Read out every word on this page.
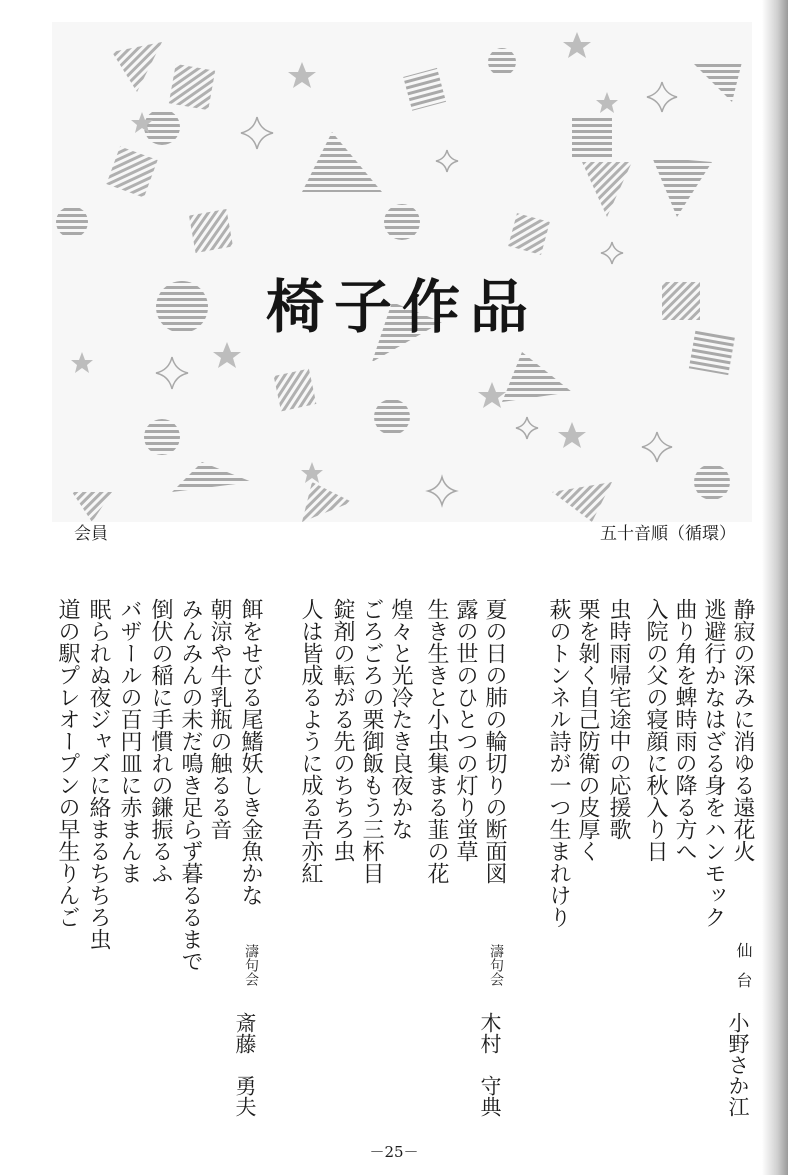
椅子作品
会員	五十音順（循環）
静寂の深みに消ゆる遠花火
逃避行かなはざる身をハンモック
曲り角を蜱時雨の降る方へ
入院の父の寝顔に秋入り日
虫時雨帰宅途中の応援歌
栗を剝く自己防衛の皮厚く
萩のトンネル詩が一つ生まれけり
仙台
小野さか江
夏の日の肺の輪切りの断面図
露の世のひとつの灯り蛍草
生き生きと小虫集まる韮の花
煌々と光冷たき良夜かな
ごろごろの栗御飯もう三杯目
錠剤の転がる先のちちろ虫
人は皆成るように成る吾亦紅
濤句会
木村　守典
餌をせびる尾鰭妖しき金魚かな
朝涼や牛乳瓶の触るる音
みんみんの未だ鳴き足らず暮るるまで
倒伏の稲に手慣れの鎌振るふ
バザールの百円皿に赤まんま
眠られぬ夜ジャズに絡まるちちろ虫
道の駅プレオープンの早生りんご
濤句会
斎藤　勇夫
－25－
